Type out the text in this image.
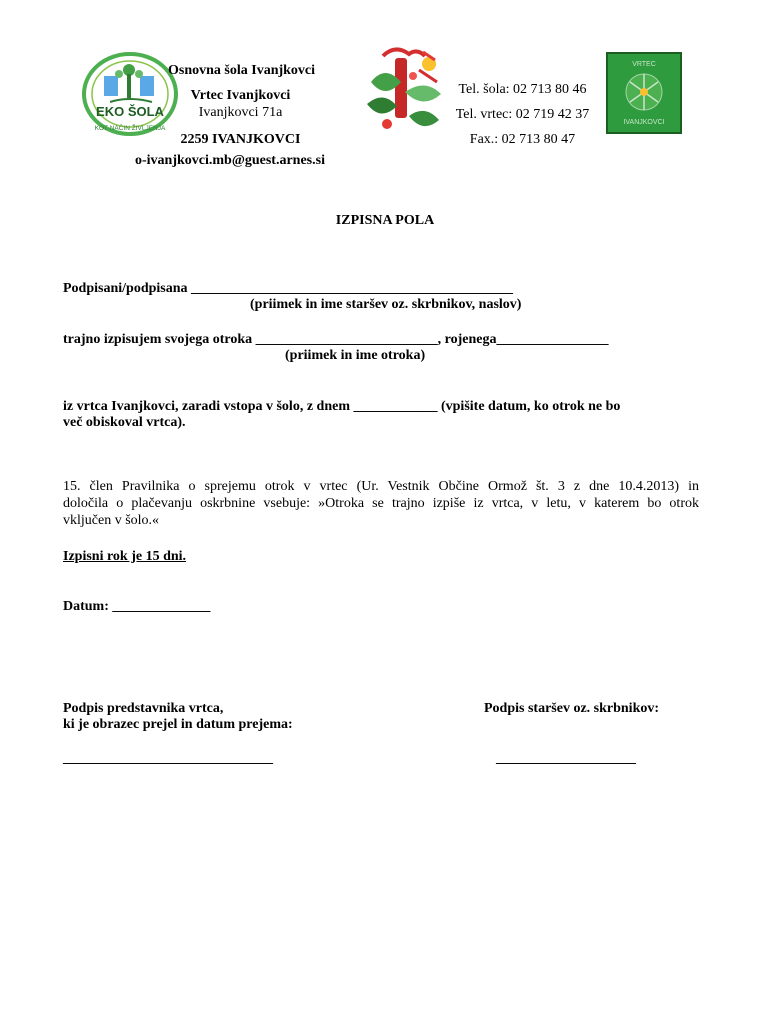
EKO ŠOLA
KOT NAČIN ŽIVLJENJA
Osnovna šola Ivanjkovci
Vrtec Ivanjkovci
Ivanjkovci 71a
2259 IVANJKOVCI
o-ivanjkovci.mb@guest.arnes.si
Tel. šola: 02 713 80 46
Tel. vrtec: 02 719 42 37
Fax.: 02 713 80 47
VRTEC
IVANJKOVCI
IZPISNA POLA
Podpisani/podpisana ______________________________________________
(priimek in ime staršev oz. skrbnikov, naslov)
trajno izpisujem svojega otroka __________________________, rojenega________________
(priimek in ime otroka)
iz vrtca Ivanjkovci, zaradi vstopa v šolo, z dnem ____________ (vpišite datum, ko otrok ne bo
več obiskoval vrtca).
15. člen Pravilnika o sprejemu otrok v vrtec (Ur. Vestnik Občine Ormož št. 3 z dne 10.4.2013) in
določila o plačevanju oskrbnine vsebuje: »Otroka se trajno izpiše iz vrtca, v letu, v katerem bo otrok
vključen v šolo.«
Izpisni rok je 15 dni.
Datum: ______________
Podpis predstavnika vrtca,
ki je obrazec prejel in datum prejema:
Podpis staršev oz. skrbnikov:
______________________________	____________________
